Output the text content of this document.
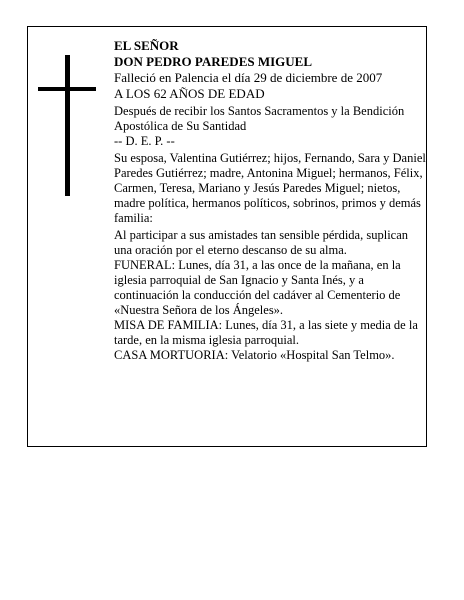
EL SEÑOR

DON PEDRO PAREDES MIGUEL

Falleció en Palencia el día 29 de diciembre de 2007

A LOS 62 AÑOS DE EDAD

Después de recibir los Santos Sacramentos y la Bendición Apostólica de Su Santidad

-- D. E. P. --

Su esposa, Valentina Gutiérrez; hijos, Fernando, Sara y Daniel Paredes Gutiérrez; madre, Antonina Miguel; hermanos, Félix, Carmen, Teresa, Mariano y Jesús Paredes Miguel; nietos, madre política, hermanos políticos, sobrinos, primos y demás familia:

Al participar a sus amistades tan sensible pérdida, suplican una oración por el eterno descanso de su alma.

FUNERAL: Lunes, día 31, a las once de la mañana, en la iglesia parroquial de San Ignacio y Santa Inés, y a continuación la conducción del cadáver al Cementerio de «Nuestra Señora de los Ángeles».

MISA DE FAMILIA: Lunes, día 31, a las siete y media de la tarde, en la misma iglesia parroquial.

CASA MORTUORIA: Velatorio «Hospital San Telmo».
